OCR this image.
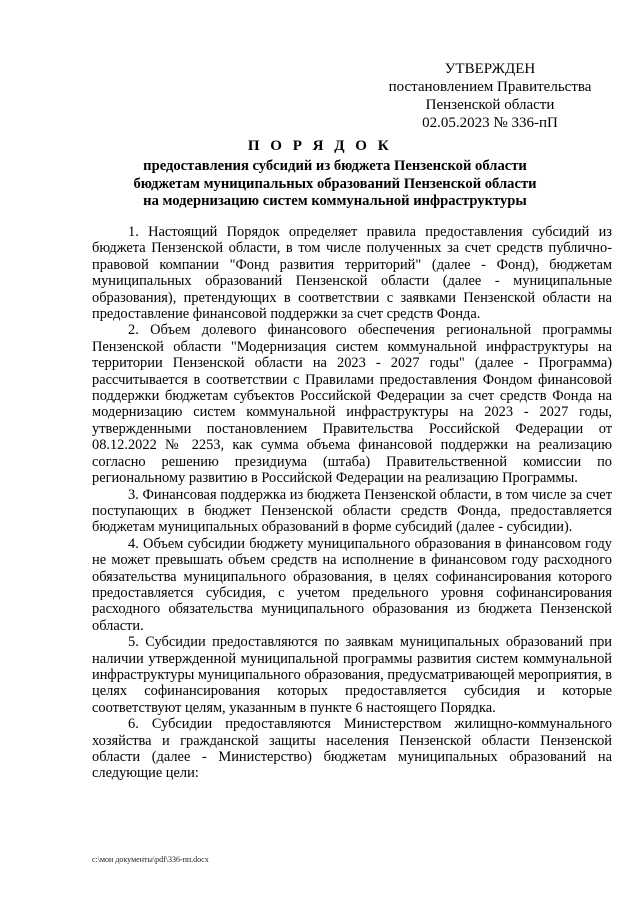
УТВЕРЖДЕН
постановлением Правительства
Пензенской области
02.05.2023 № 336-пП
П О Р Я Д О К
предоставления субсидий из бюджета Пензенской области
бюджетам муниципальных образований Пензенской области
на модернизацию систем коммунальной инфраструктуры

1. Настоящий Порядок определяет правила предоставления субсидий из бюджета Пензенской области, в том числе полученных за счет средств публично-правовой компании "Фонд развития территорий" (далее - Фонд), бюджетам муниципальных образований Пензенской области (далее - муниципальные образования), претендующих в соответствии с заявками Пензенской области на предоставление финансовой поддержки за счет средств Фонда.

2. Объем долевого финансового обеспечения региональной программы Пензенской области "Модернизация систем коммунальной инфраструктуры на территории Пензенской области на 2023 - 2027 годы" (далее - Программа) рассчитывается в соответствии с Правилами предоставления Фондом финансовой поддержки бюджетам субъектов Российской Федерации за счет средств Фонда на модернизацию систем коммунальной инфраструктуры на 2023 - 2027 годы, утвержденными постановлением Правительства Российской Федерации от 08.12.2022 № 2253, как сумма объема финансовой поддержки на реализацию согласно решению президиума (штаба) Правительственной комиссии по региональному развитию в Российской Федерации на реализацию Программы.

3. Финансовая поддержка из бюджета Пензенской области, в том числе за счет поступающих в бюджет Пензенской области средств Фонда, предоставляется бюджетам муниципальных образований в форме субсидий (далее - субсидии).

4. Объем субсидии бюджету муниципального образования в финансовом году не может превышать объем средств на исполнение в финансовом году расходного обязательства муниципального образования, в целях софинансирования которого предоставляется субсидия, с учетом предельного уровня софинансирования расходного обязательства муниципального образования из бюджета Пензенской области.

5. Субсидии предоставляются по заявкам муниципальных образований при наличии утвержденной муниципальной программы развития систем коммунальной инфраструктуры муниципального образования, предусматривающей мероприятия, в целях софинансирования которых предоставляется субсидия и которые соответствуют целям, указанным в пункте 6 настоящего Порядка.

6. Субсидии предоставляются Министерством жилищно-коммунального хозяйства и гражданской защиты населения Пензенской области Пензенской области (далее - Министерство) бюджетам муниципальных образований на следующие цели:

c:\мои документы\pdf\336-пп.docx
